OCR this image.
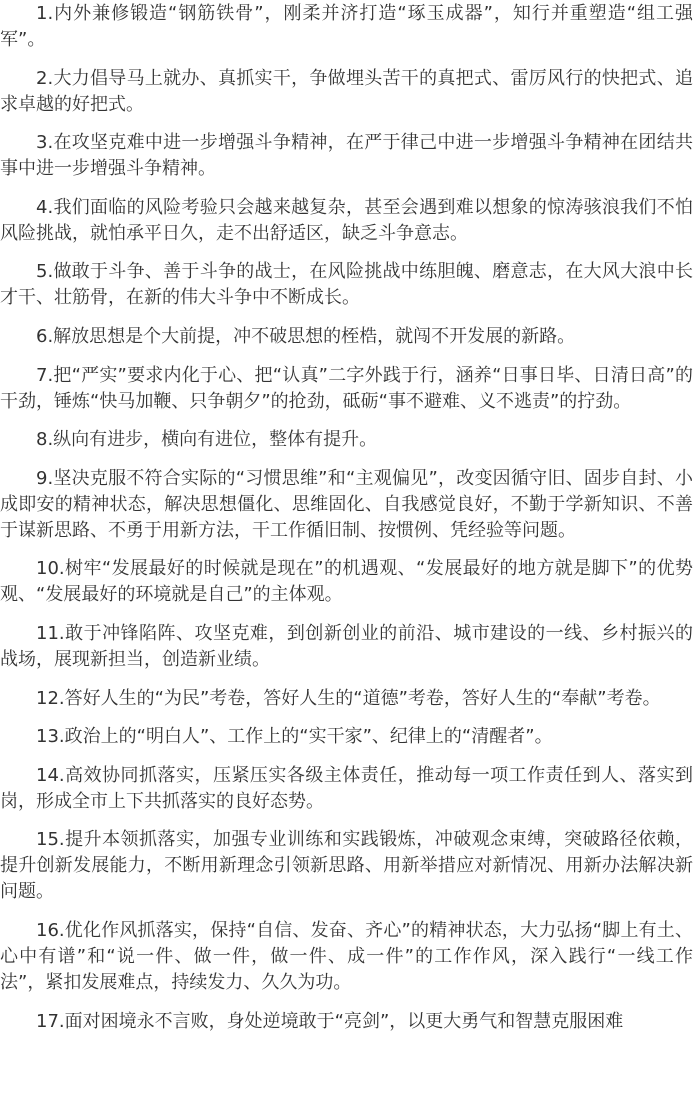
1.内外兼修锻造“钢筋铁骨”，刚柔并济打造“琢玉成器”，知行并重塑造“组工强军”。

2.大力倡导马上就办、真抓实干，争做埋头苦干的真把式、雷厉风行的快把式、追求卓越的好把式。

3.在攻坚克难中进一步增强斗争精神，在严于律己中进一步增强斗争精神在团结共事中进一步增强斗争精神。

4.我们面临的风险考验只会越来越复杂，甚至会遇到难以想象的惊涛骇浪我们不怕风险挑战，就怕承平日久，走不出舒适区，缺乏斗争意志。

5.做敢于斗争、善于斗争的战士，在风险挑战中练胆魄、磨意志，在大风大浪中长才干、壮筋骨，在新的伟大斗争中不断成长。

6.解放思想是个大前提，冲不破思想的桎梏，就闯不开发展的新路。

7.把“严实”要求内化于心、把“认真”二字外践于行，涵养“日事日毕、日清日高”的干劲，锤炼“快马加鞭、只争朝夕”的抢劲，砥砺“事不避难、义不逃责”的拧劲。

8.纵向有进步，横向有进位，整体有提升。

9.坚决克服不符合实际的“习惯思维”和“主观偏见”，改变因循守旧、固步自封、小成即安的精神状态，解决思想僵化、思维固化、自我感觉良好，不勤于学新知识、不善于谋新思路、不勇于用新方法，干工作循旧制、按惯例、凭经验等问题。

10.树牢“发展最好的时候就是现在”的机遇观、“发展最好的地方就是脚下”的优势观、“发展最好的环境就是自己”的主体观。

11.敢于冲锋陷阵、攻坚克难，到创新创业的前沿、城市建设的一线、乡村振兴的战场，展现新担当，创造新业绩。

12.答好人生的“为民”考卷，答好人生的“道德”考卷，答好人生的“奉献”考卷。

13.政治上的“明白人”、工作上的“实干家”、纪律上的“清醒者”。

14.高效协同抓落实，压紧压实各级主体责任，推动每一项工作责任到人、落实到岗，形成全市上下共抓落实的良好态势。

15.提升本领抓落实，加强专业训练和实践锻炼，冲破观念束缚，突破路径依赖，提升创新发展能力，不断用新理念引领新思路、用新举措应对新情况、用新办法解决新问题。

16.优化作风抓落实，保持“自信、发奋、齐心”的精神状态，大力弘扬“脚上有土、心中有谱”和“说一件、做一件，做一件、成一件”的工作作风，深入践行“一线工作法”，紧扣发展难点，持续发力、久久为功。

17.面对困境永不言败，身处逆境敢于“亮剑”，以更大勇气和智慧克服困难
